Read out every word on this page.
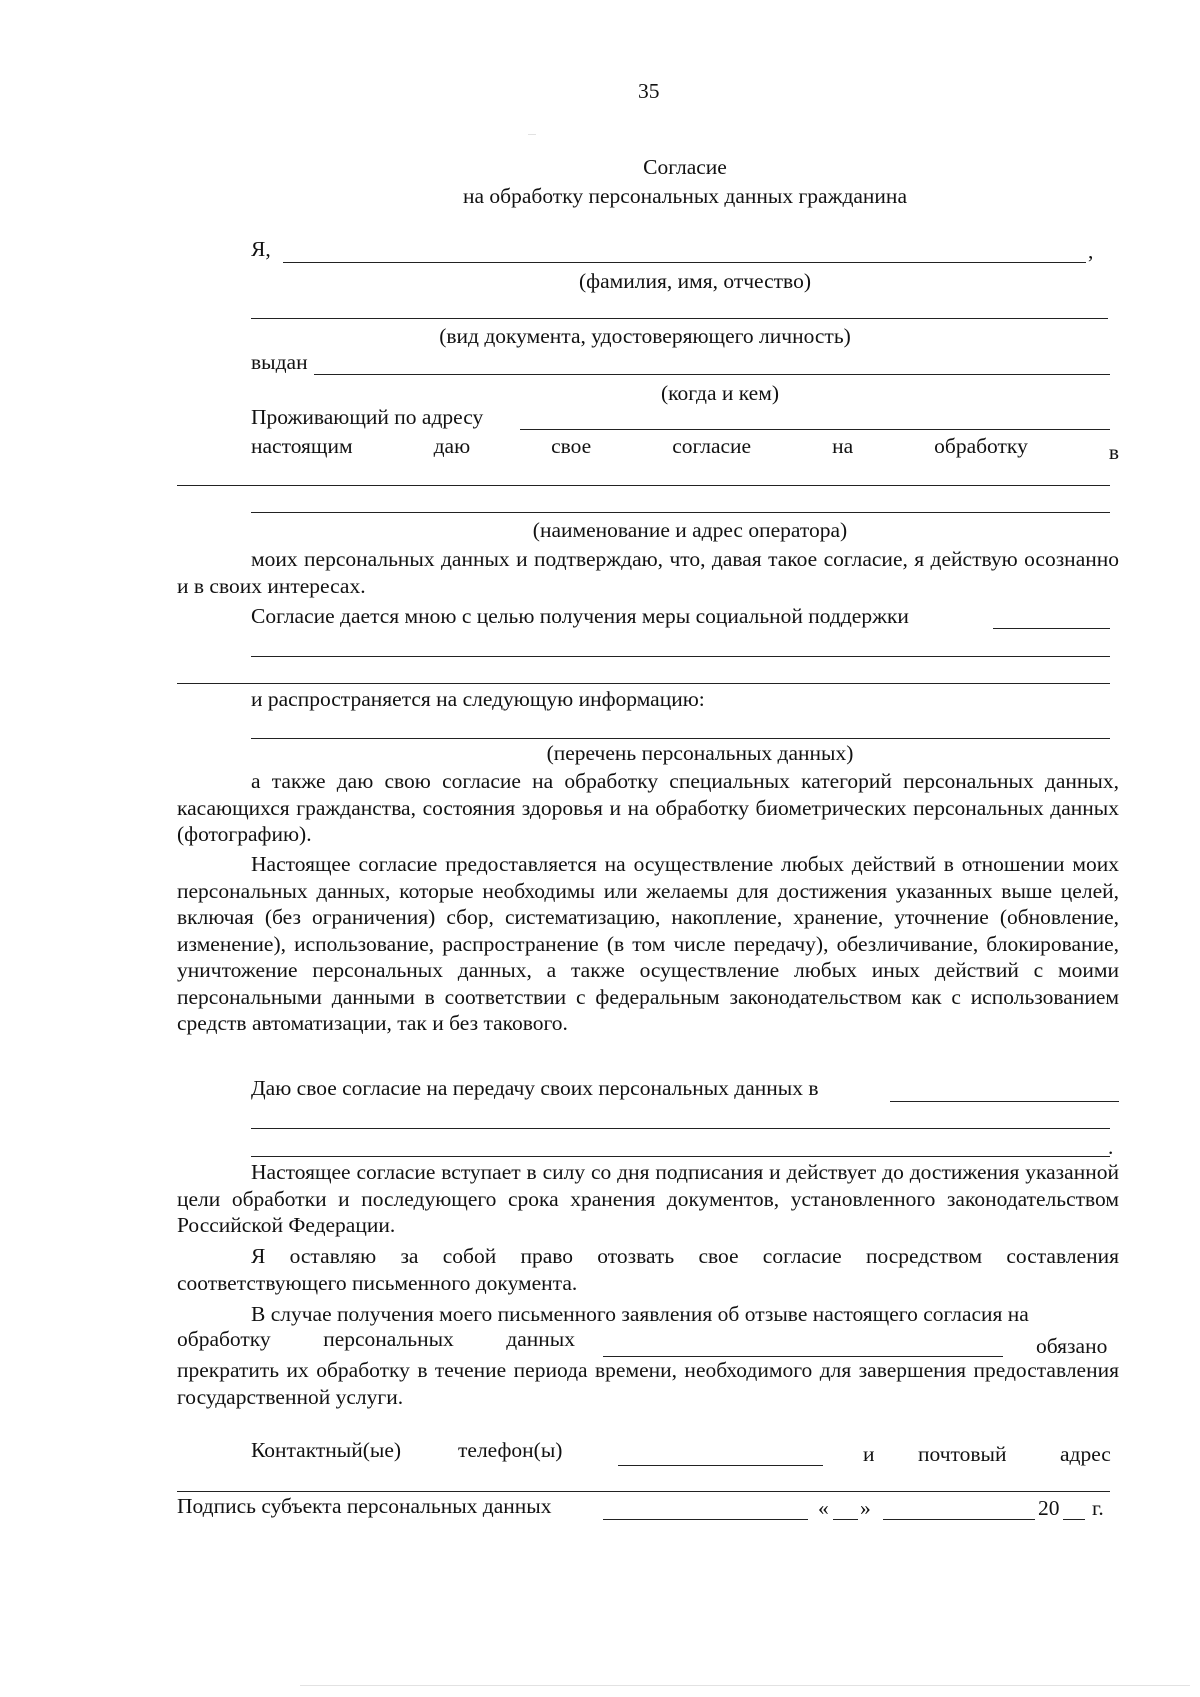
35
Согласие
на обработку персональных данных гражданина
Я,	,
(фамилия, имя, отчество)
(вид документа, удостоверяющего личность)
выдан
(когда и кем)
Проживающий по адресу
настоящим	даю	свое	согласие	на	обработку	в
(наименование и адрес оператора)
моих персональных данных и подтверждаю, что, давая такое согласие, я действую осознанно и в своих интересах.
Согласие дается мною с целью получения меры социальной поддержки
и распространяется на следующую информацию:
(перечень персональных данных)
а также даю свою согласие на обработку специальных категорий персональных данных, касающихся гражданства, состояния здоровья и на обработку биометрических персональных данных (фотографию).
Настоящее согласие предоставляется на осуществление любых действий в отношении моих персональных данных, которые необходимы или желаемы для достижения указанных выше целей, включая (без ограничения) сбор, систематизацию, накопление, хранение, уточнение (обновление, изменение), использование, распространение (в том числе передачу), обезличивание, блокирование, уничтожение персональных данных, а также осуществление любых иных действий с моими персональными данными в соответствии с федеральным законодательством как с использованием средств автоматизации, так и без такового.
Даю свое согласие на передачу своих персональных данных в
.
Настоящее согласие вступает в силу со дня подписания и действует до достижения указанной цели обработки и последующего срока хранения документов, установленного законодательством Российской Федерации.
Я оставляю за собой право отозвать свое согласие посредством составления соответствующего письменного документа.
В случае получения моего письменного заявления об отзыве настоящего согласия на
обработку персональных данных	обязано
прекратить их обработку в течение периода времени, необходимого для завершения предоставления государственной услуги.
Контактный(ые)	телефон(ы)	и почтовый адрес
Подпись субъекта персональных данных	« »	20 г.
